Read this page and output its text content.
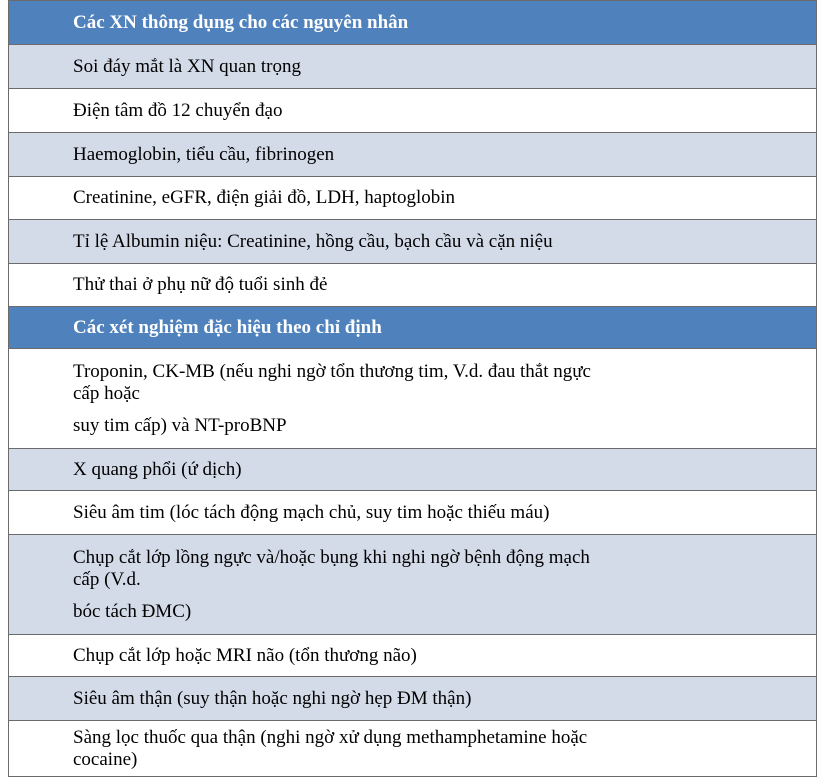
Các XN thông dụng cho các nguyên nhân
Soi đáy mắt là XN quan trọng
Điện tâm đồ 12 chuyển đạo
Haemoglobin, tiểu cầu, fibrinogen
Creatinine, eGFR, điện giải đồ, LDH, haptoglobin
Tỉ lệ Albumin niệu: Creatinine, hồng cầu, bạch cầu và cặn niệu
Thử thai ở phụ nữ độ tuổi sinh đẻ
Các xét nghiệm đặc hiệu theo chỉ định

Troponin, CK-MB (nếu nghi ngờ tổn thương tim, V.d. đau thắt ngực
cấp hoặc
suy tim cấp) và NT-proBNP

X quang phổi (ứ dịch)
Siêu âm tim (lóc tách động mạch chủ, suy tim hoặc thiếu máu)

Chụp cắt lớp lồng ngực và/hoặc bụng khi nghi ngờ bệnh động mạch
cấp (V.d.
bóc tách ĐMC)

Chụp cắt lớp hoặc MRI não (tổn thương não)
Siêu âm thận (suy thận hoặc nghi ngờ hẹp ĐM thận)

Sàng lọc thuốc qua thận (nghi ngờ xử dụng methamphetamine hoặc
cocaine)
